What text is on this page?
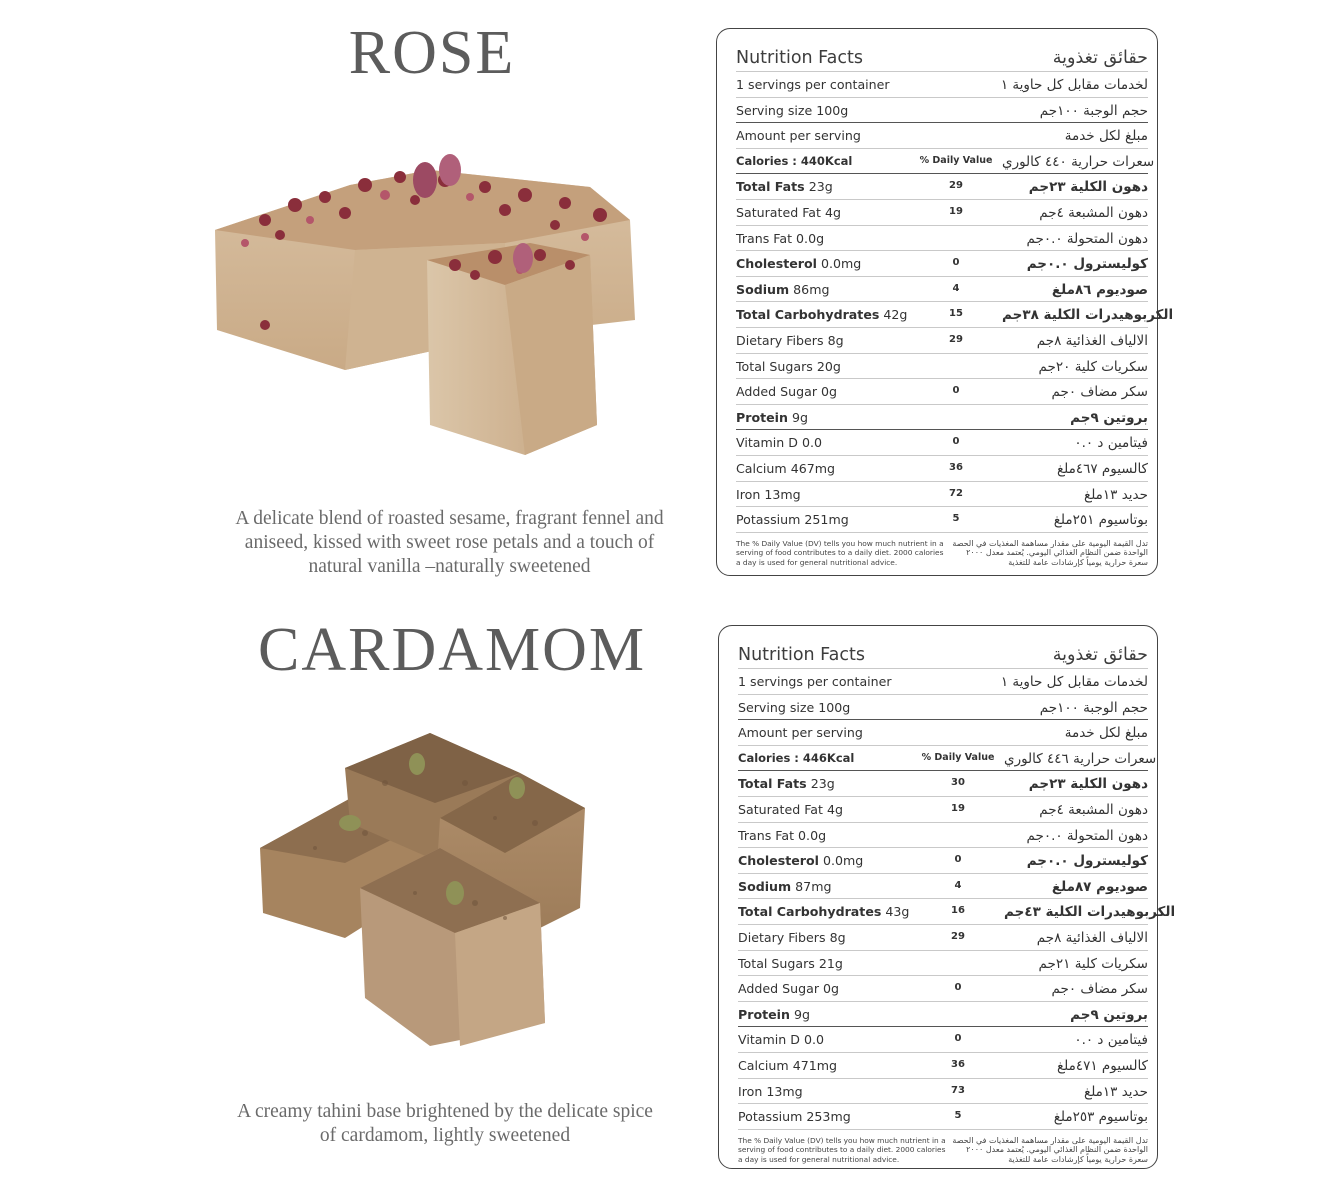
ROSE
A delicate blend of roasted sesame, fragrant fennel and aniseed, kissed with sweet rose petals and a touch of natural vanilla –naturally sweetened
Nutrition Facts	حقائق تغذوية
1 servings per container	لخدمات مقابل كل حاوية ١
Serving size 100g	حجم الوجبة ١٠٠جم
Amount per serving	مبلغ لكل خدمة
Calories : 440Kcal	% Daily Value سعرات حرارية ٤٤٠ كالوري
Total Fats 23g	29	دهون الكلية ٢٣جم
Saturated Fat 4g	19	دهون المشبعة ٤جم
Trans Fat 0.0g	دهون المتحولة ٠.٠جم
Cholesterol 0.0mg	0	كوليسترول ٠.٠جم
Sodium 86mg	4	صوديوم ٨٦ملغ
Total Carbohydrates 42g	15	الكربوهيدرات الكلية ٣٨جم
Dietary Fibers 8g	29	الالياف الغذائية ٨جم
Total Sugars 20g	سكريات كلية ٢٠جم
Added Sugar 0g	0	سكر مضاف ٠جم
Protein 9g	بروتين ٩جم
Vitamin D 0.0	0	فيتامين د ٠.٠
Calcium 467mg	36	كالسيوم ٤٦٧ملغ
Iron 13mg	72	حديد ١٣ملغ
Potassium 251mg	5	بوتاسيوم ٢٥١ملغ
The % Daily Value (DV) tells you how much nutrient in a serving of food contributes to a daily diet. 2000 calories a day is used for general nutritional advice.
تدل القيمة اليومية على مقدار مساهمة المغذيات في الحصة الواحدة ضمن النظام الغذائي اليومي. يُعتمد معدل ٢٠٠٠ سعرة حرارية يومياً كإرشادات عامة للتغذية
CARDAMOM
A creamy tahini base brightened by the delicate spice of cardamom, lightly sweetened
Nutrition Facts	حقائق تغذوية
1 servings per container	لخدمات مقابل كل حاوية ١
Serving size 100g	حجم الوجبة ١٠٠جم
Amount per serving	مبلغ لكل خدمة
Calories : 446Kcal	% Daily Value سعرات حرارية ٤٤٦ كالوري
Total Fats 23g	30	دهون الكلية ٢٣جم
Saturated Fat 4g	19	دهون المشبعة ٤جم
Trans Fat 0.0g	دهون المتحولة ٠.٠جم
Cholesterol 0.0mg	0	كوليسترول ٠.٠جم
Sodium 87mg	4	صوديوم ٨٧ملغ
Total Carbohydrates 43g	16	الكربوهيدرات الكلية ٤٣جم
Dietary Fibers 8g	29	الالياف الغذائية ٨جم
Total Sugars 21g	سكريات كلية ٢١جم
Added Sugar 0g	0	سكر مضاف ٠جم
Protein 9g	بروتين ٩جم
Vitamin D 0.0	0	فيتامين د ٠.٠
Calcium 471mg	36	كالسيوم ٤٧١ملغ
Iron 13mg	73	حديد ١٣ملغ
Potassium 253mg	5	بوتاسيوم ٢٥٣ملغ
The % Daily Value (DV) tells you how much nutrient in a serving of food contributes to a daily diet. 2000 calories a day is used for general nutritional advice.
تدل القيمة اليومية على مقدار مساهمة المغذيات في الحصة الواحدة ضمن النظام الغذائي اليومي. يُعتمد معدل ٢٠٠٠ سعرة حرارية يومياً كإرشادات عامة للتغذية
